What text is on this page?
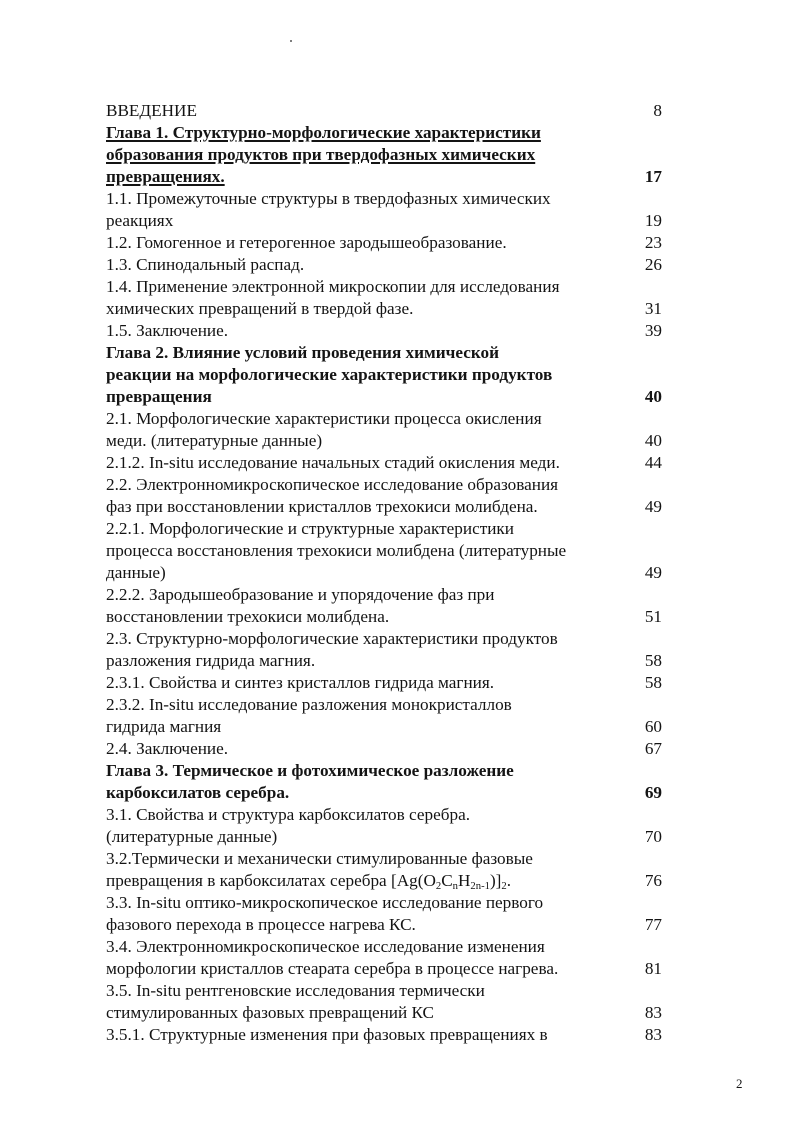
ВВЕДЕНИЕ	8
Глава 1. Структурно-морфологические характеристики
образования продуктов при твердофазных химических
превращениях.	17
1.1. Промежуточные структуры в твердофазных химических
реакциях	19
1.2. Гомогенное и гетерогенное зародышеобразование.	23
1.3. Спинодальный распад.	26
1.4. Применение электронной микроскопии для исследования
химических превращений в твердой фазе.	31
1.5. Заключение.	39
Глава 2. Влияние условий проведения химической
реакции на морфологические характеристики продуктов
превращения	40
2.1. Морфологические характеристики процесса окисления
меди. (литературные данные)	40
2.1.2. In-situ исследование начальных стадий окисления меди.	44
2.2. Электронномикроскопическое исследование образования
фаз при восстановлении кристаллов трехокиси молибдена.	49
2.2.1. Морфологические и структурные характеристики
процесса восстановления трехокиси молибдена (литературные
данные)	49
2.2.2. Зародышеобразование и упорядочение фаз при
восстановлении трехокиси молибдена.	51
2.3. Структурно-морфологические характеристики продуктов
разложения гидрида магния.	58
2.3.1. Свойства и синтез кристаллов гидрида магния.	58
2.3.2. In-situ исследование разложения монокристаллов
гидрида магния	60
2.4. Заключение.	67
Глава 3. Термическое и фотохимическое разложение
карбоксилатов серебра.	69
3.1. Свойства и структура карбоксилатов серебра.
(литературные данные)	70
3.2.Термически и механически стимулированные фазовые
превращения в карбоксилатах серебра $[Ag(O_2C_nH_{2n-1})]_2$.	76
3.3. In-situ оптико-микроскопическое исследование первого
фазового перехода в процессе нагрева КС.	77
3.4. Электронномикроскопическое исследование изменения
морфологии кристаллов стеарата серебра в процессе нагрева.	81
3.5. In-situ рентгеновские исследования термически
стимулированных фазовых превращений КС	83
3.5.1. Структурные изменения при фазовых превращениях в	83
2
